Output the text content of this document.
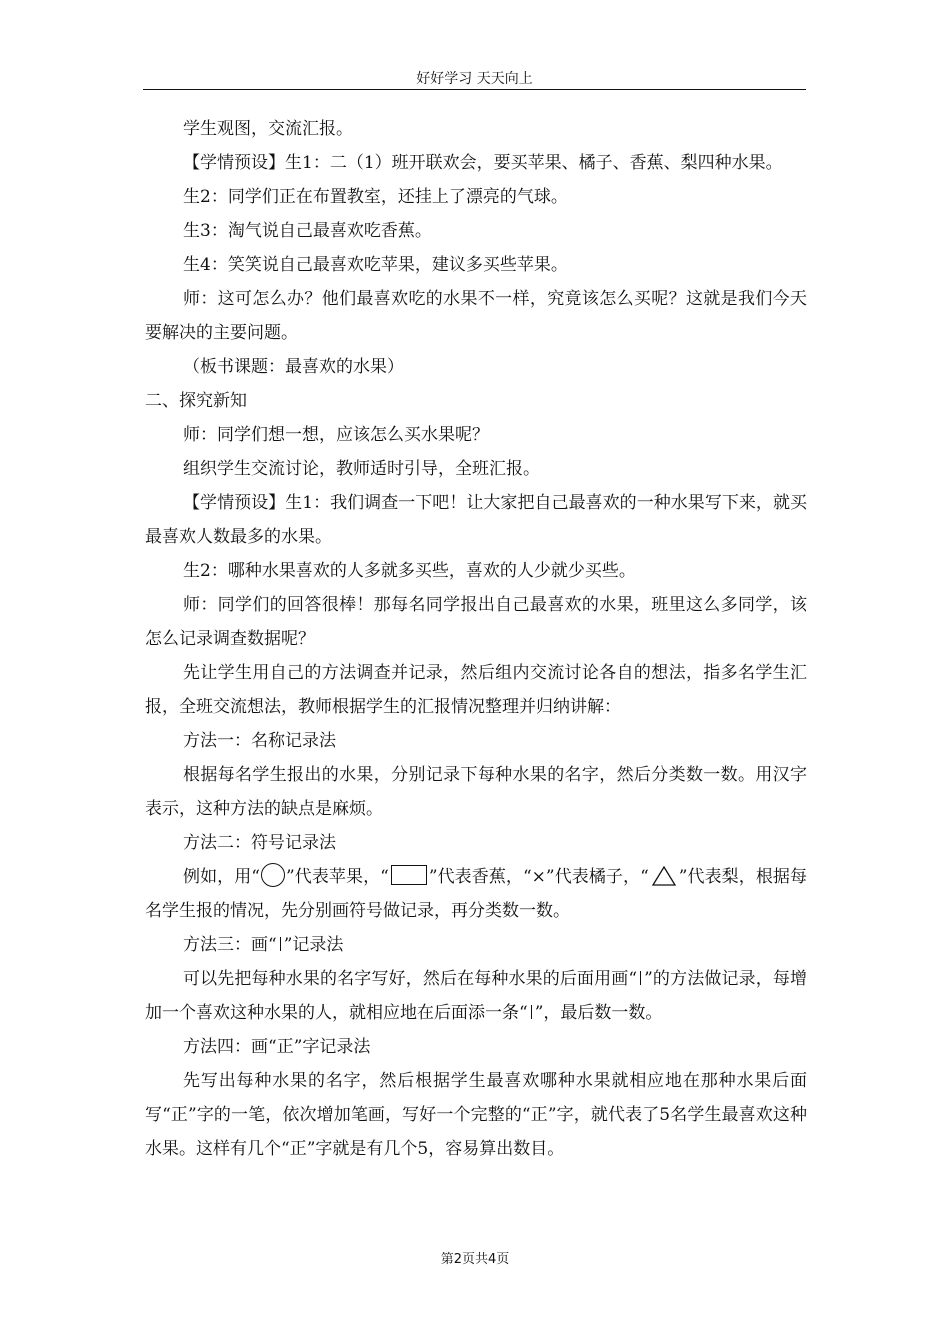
好好学习 天天向上

学生观图，交流汇报。

【学情预设】生1：二（1）班开联欢会，要买苹果、橘子、香蕉、梨四种水果。

生2：同学们正在布置教室，还挂上了漂亮的气球。

生3：淘气说自己最喜欢吃香蕉。

生4：笑笑说自己最喜欢吃苹果，建议多买些苹果。

师：这可怎么办？他们最喜欢吃的水果不一样，究竟该怎么买呢？这就是我们今天要解决的主要问题。

（板书课题：最喜欢的水果）

二、探究新知

师：同学们想一想，应该怎么买水果呢？

组织学生交流讨论，教师适时引导，全班汇报。

【学情预设】生1：我们调查一下吧！让大家把自己最喜欢的一种水果写下来，就买最喜欢人数最多的水果。

生2：哪种水果喜欢的人多就多买些，喜欢的人少就少买些。

师：同学们的回答很棒！那每名同学报出自己最喜欢的水果，班里这么多同学，该怎么记录调查数据呢？

先让学生用自己的方法调查并记录，然后组内交流讨论各自的想法，指多名学生汇报，全班交流想法，教师根据学生的汇报情况整理并归纳讲解：

方法一：名称记录法

根据每名学生报出的水果，分别记录下每种水果的名字，然后分类数一数。用汉字表示，这种方法的缺点是麻烦。

方法二：符号记录法

例如，用“ ”代表苹果，“ ”代表香蕉，“×”代表橘子，“ ”代表梨，根据每名学生报的情况，先分别画符号做记录，再分类数一数。

方法三：画“ ”记录法

可以先把每种水果的名字写好，然后在每种水果的后面用画“ ”的方法做记录，每增加一个喜欢这种水果的人，就相应地在后面添一条“ ”，最后数一数。

方法四：画“正”字记录法

先写出每种水果的名字，然后根据学生最喜欢哪种水果就相应地在那种水果后面写“正”字的一笔，依次增加笔画，写好一个完整的“正”字，就代表了5名学生最喜欢这种水果。这样有几个“正”字就是有几个5，容易算出数目。

第2页共4页
